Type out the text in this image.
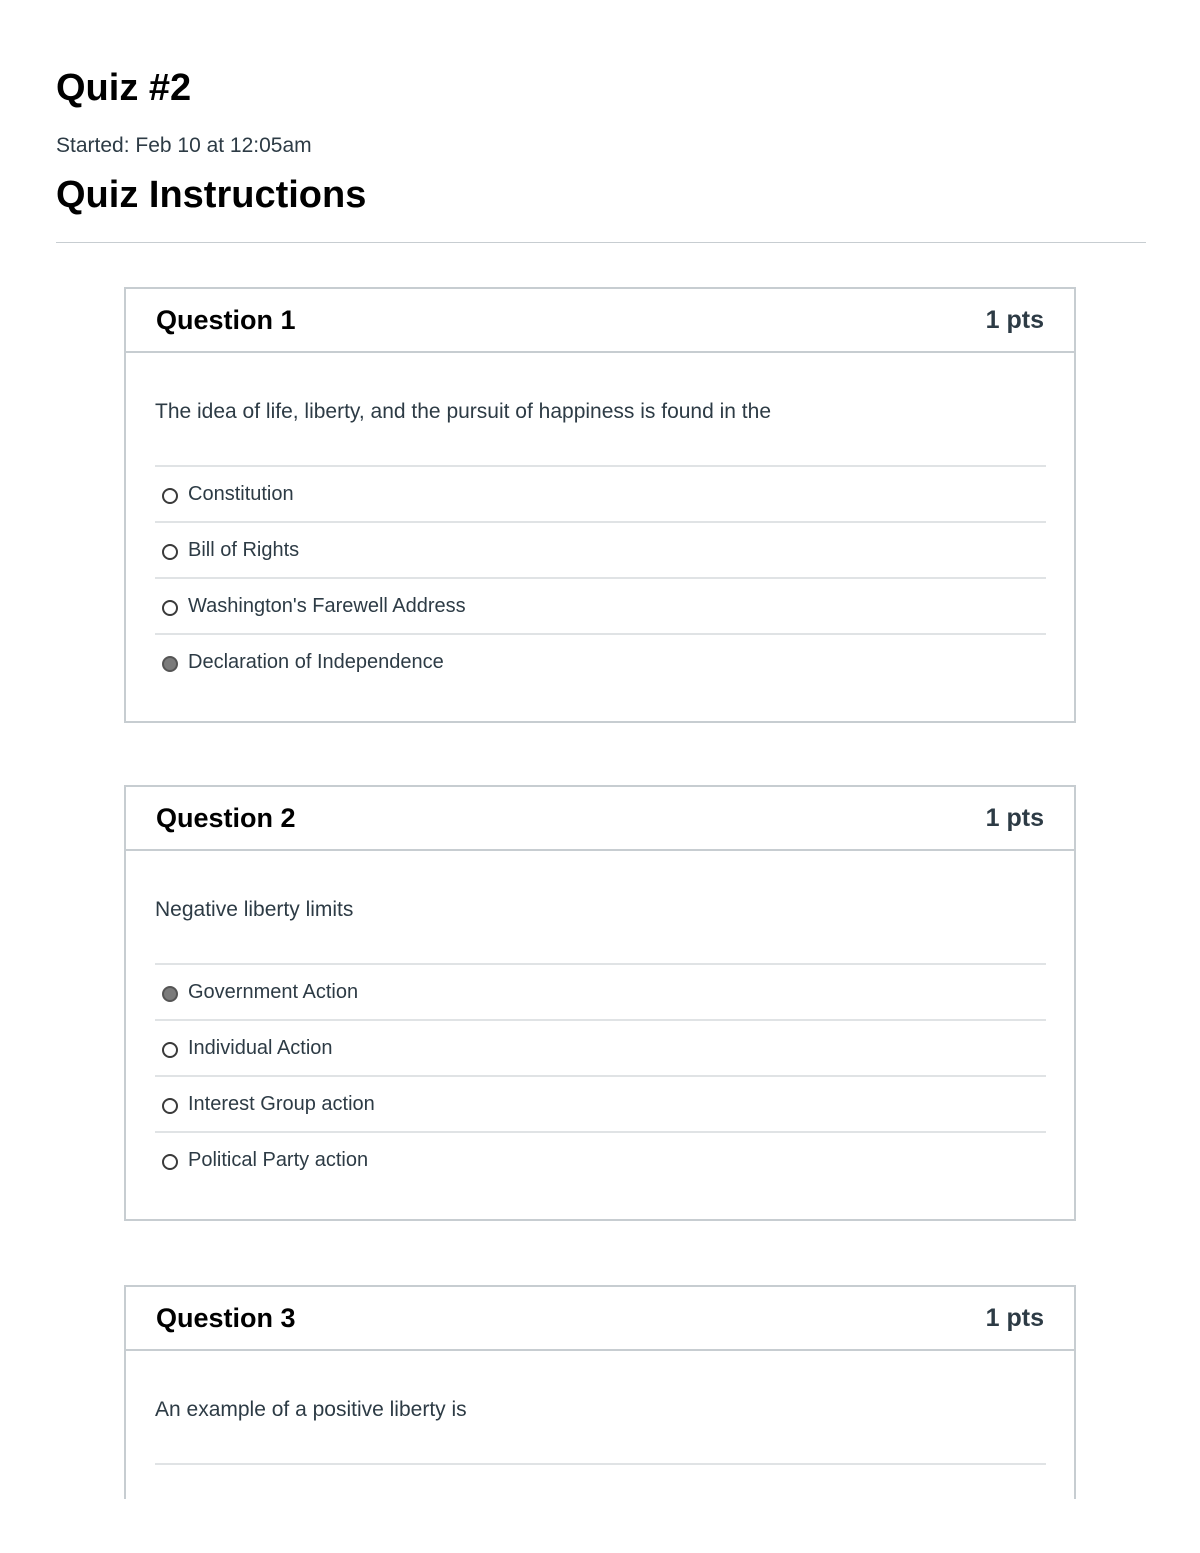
Quiz #2
Started: Feb 10 at 12:05am
Quiz Instructions
Question 1	1 pts

The idea of life, liberty, and the pursuit of happiness is found in the

Constitution
Bill of Rights
Washington's Farewell Address
Declaration of Independence
Question 2	1 pts

Negative liberty limits

Government Action
Individual Action
Interest Group action
Political Party action
Question 3	1 pts

An example of a positive liberty is
